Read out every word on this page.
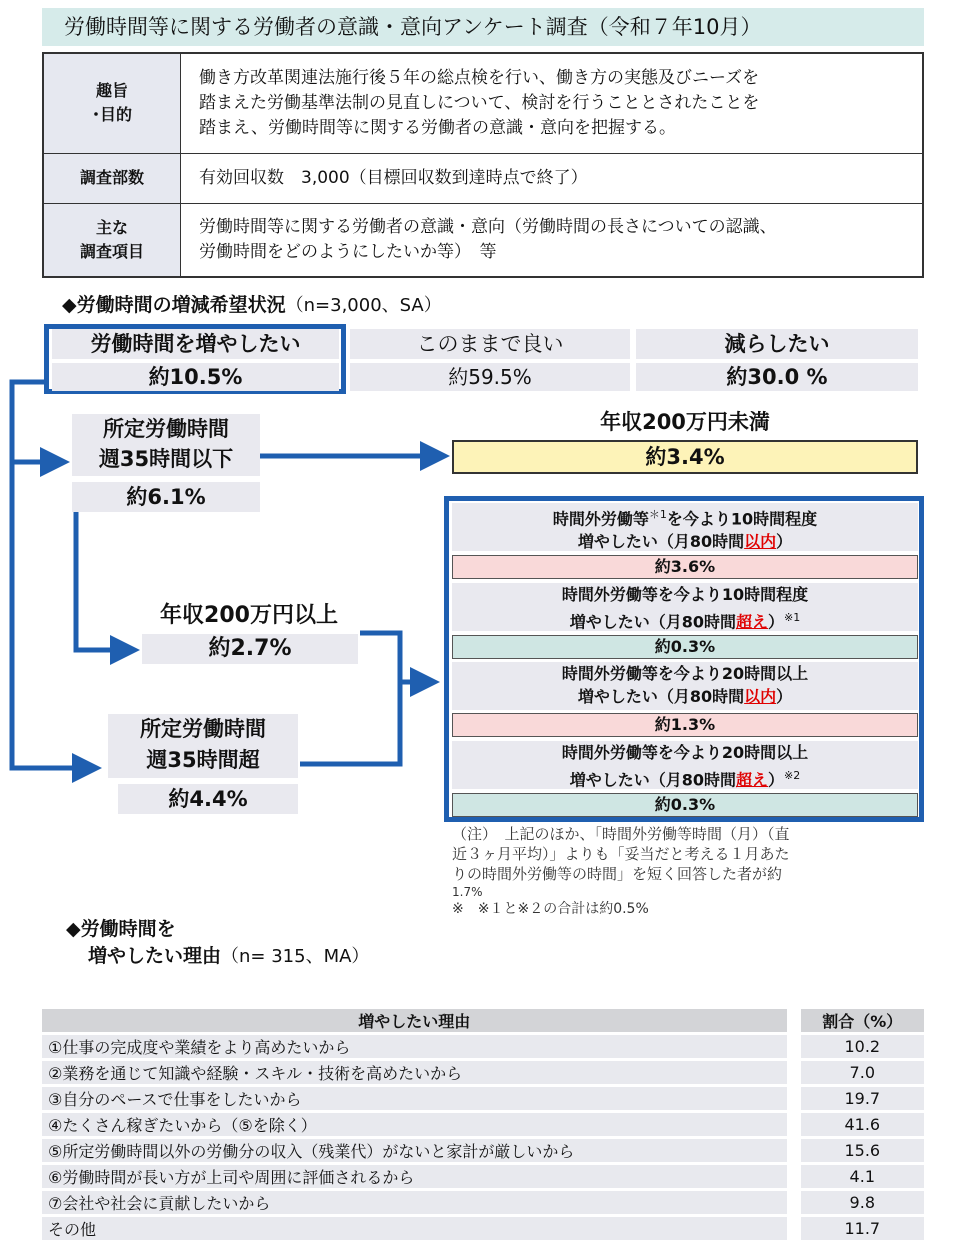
労働時間等に関する労働者の意識・意向アンケート調査（令和７年10月）
趣旨
･目的	働き方改革関連法施行後５年の総点検を行い、働き方の実態及びニーズを
踏まえた労働基準法制の見直しについて、検討を行うこととされたことを
踏まえ、労働時間等に関する労働者の意識・意向を把握する。
調査部数	有効回収数　3,000（目標回収数到達時点で終了）
主な
調査項目	労働時間等に関する労働者の意識・意向（労働時間の長さについての認識、
労働時間をどのようにしたいか等）　等
◆労働時間の増減希望状況（n=3,000、SA）
労働時間を増やしたい
約10.5%
このままで良い
約59.5%
減らしたい
約30.0 %
所定労働時間
週35時間以下
約6.1%
年収200万円未満
約3.4%
年収200万円以上
約2.7%
所定労働時間
週35時間超
約4.4%
時間外労働等$^{*1}$を今より10時間程度
増やしたい（月80時間以内）
約3.6%
時間外労働等を今より10時間程度
増やしたい（月80時間超え）$^{※1}$
約0.3%
時間外労働等を今より20時間以上
増やしたい（月80時間以内）
約1.3%
時間外労働等を今より20時間以上
増やしたい（月80時間超え）$^{※2}$
約0.3%
（注）　上記のほか、「時間外労働等時間（月）（直
近３ヶ月平均）」よりも「妥当だと考える１月あた
りの時間外労働等の時間」を短く回答した者が約
1.7%
※　 ※１と※２の合計は約0.5%
◆労働時間を
増やしたい理由（n= 315、MA）
増やしたい理由		割合（%）
①仕事の完成度や業績をより高めたいから		10.2
②業務を通じて知識や経験・スキル・技術を高めたいから		7.0
③自分のペースで仕事をしたいから		19.7
④たくさん稼ぎたいから（⑤を除く）		41.6
⑤所定労働時間以外の労働分の収入（残業代）がないと家計が厳しいから		15.6
⑥労働時間が長い方が上司や周囲に評価されるから		4.1
⑦会社や社会に貢献したいから		9.8
その他		11.7
